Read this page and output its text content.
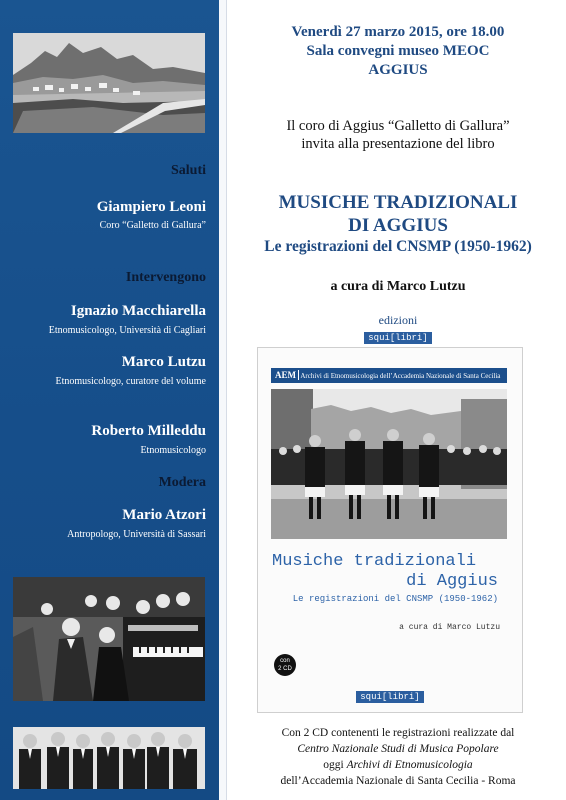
Saluti
Giampiero Leoni
Coro “Galletto di Gallura”
Intervengono
Ignazio Macchiarella
Etnomusicologo, Università di Cagliari
Marco Lutzu
Etnomusicologo, curatore del volume
Roberto Milleddu
Etnomusicologo
Modera
Mario Atzori
Antropologo, Università di Sassari
Venerdì 27 marzo 2015, ore 18.00
Sala convegni museo MEOC
AGGIUS
Il coro di Aggius “Galletto di Gallura”
invita alla presentazione del libro
MUSICHE TRADIZIONALI
DI AGGIUS
Le registrazioni del CNSMP (1950-1962)
a cura di Marco Lutzu
edizioni
squi[libri]
AEM Archivi di Etnomusicologia dell’Accademia Nazionale di Santa Cecilia
Musiche tradizionali
di Aggius
Le registrazioni del CNSMP (1950-1962)
a cura di Marco Lutzu
con
2 CD
squi[libri]
Con 2 CD contenenti le registrazioni realizzate dal
Centro Nazionale Studi di Musica Popolare
oggi Archivi di Etnomusicologia
dell’Accademia Nazionale di Santa Cecilia - Roma
